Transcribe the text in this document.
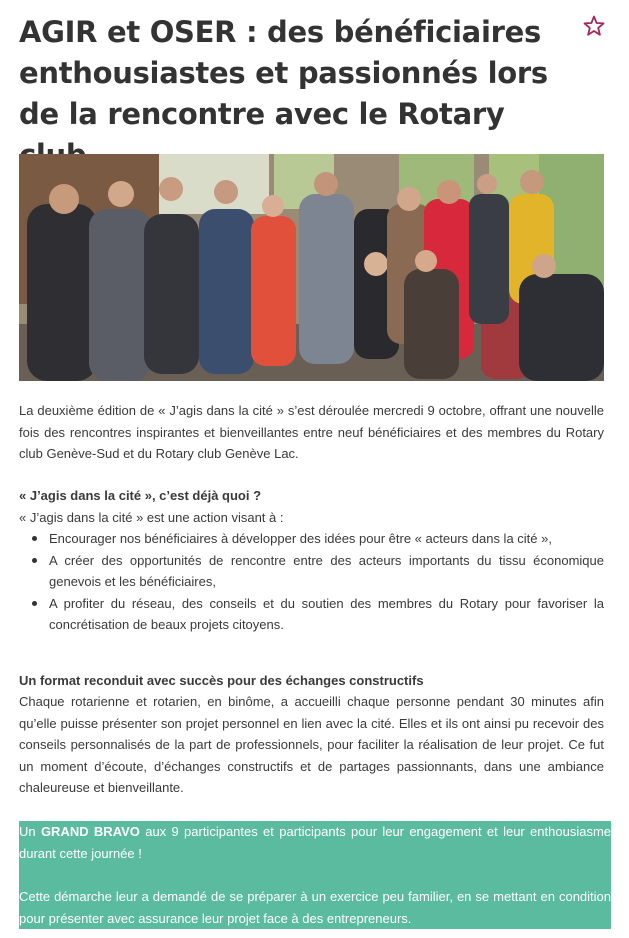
AGIR et OSER : des bénéficiaires enthousiastes et passionnés lors de la rencontre avec le Rotary

La deuxième édition de « J’agis dans la cité » s’est déroulée mercredi 9 octobre, offrant une nouvelle fois des rencontres inspirantes et bienveillantes entre neuf bénéficiaires et des membres du Rotary club Genève-Sud et du Rotary club Genève Lac.

« J’agis dans la cité », c’est déjà quoi ?

« J’agis dans la cité » est une action visant à :

Encourager nos bénéficiaires à développer des idées pour être « acteurs dans la cité »,
A créer des opportunités de rencontre entre des acteurs importants du tissu économique genevois et les bénéficiaires,
A profiter du réseau, des conseils et du soutien des membres du Rotary pour favoriser la concrétisation de beaux projets citoyens.

Un format reconduit avec succès pour des échanges constructifs

Chaque rotarienne et rotarien, en binôme, a accueilli chaque personne pendant 30 minutes afin qu’elle puisse présenter son projet personnel en lien avec la cité. Elles et ils ont ainsi pu recevoir des conseils personnalisés de la part de professionnels, pour faciliter la réalisation de leur projet. Ce fut un moment d’écoute, d’échanges constructifs et de partages passionnants, dans une ambiance chaleureuse et bienveillante.

Un GRAND BRAVO aux 9 participantes et participants pour leur engagement et leur enthousiasme durant cette journée !

Cette démarche leur a demandé de se préparer à un exercice peu familier, en se mettant en condition pour présenter avec assurance leur projet face à des entrepreneurs.
